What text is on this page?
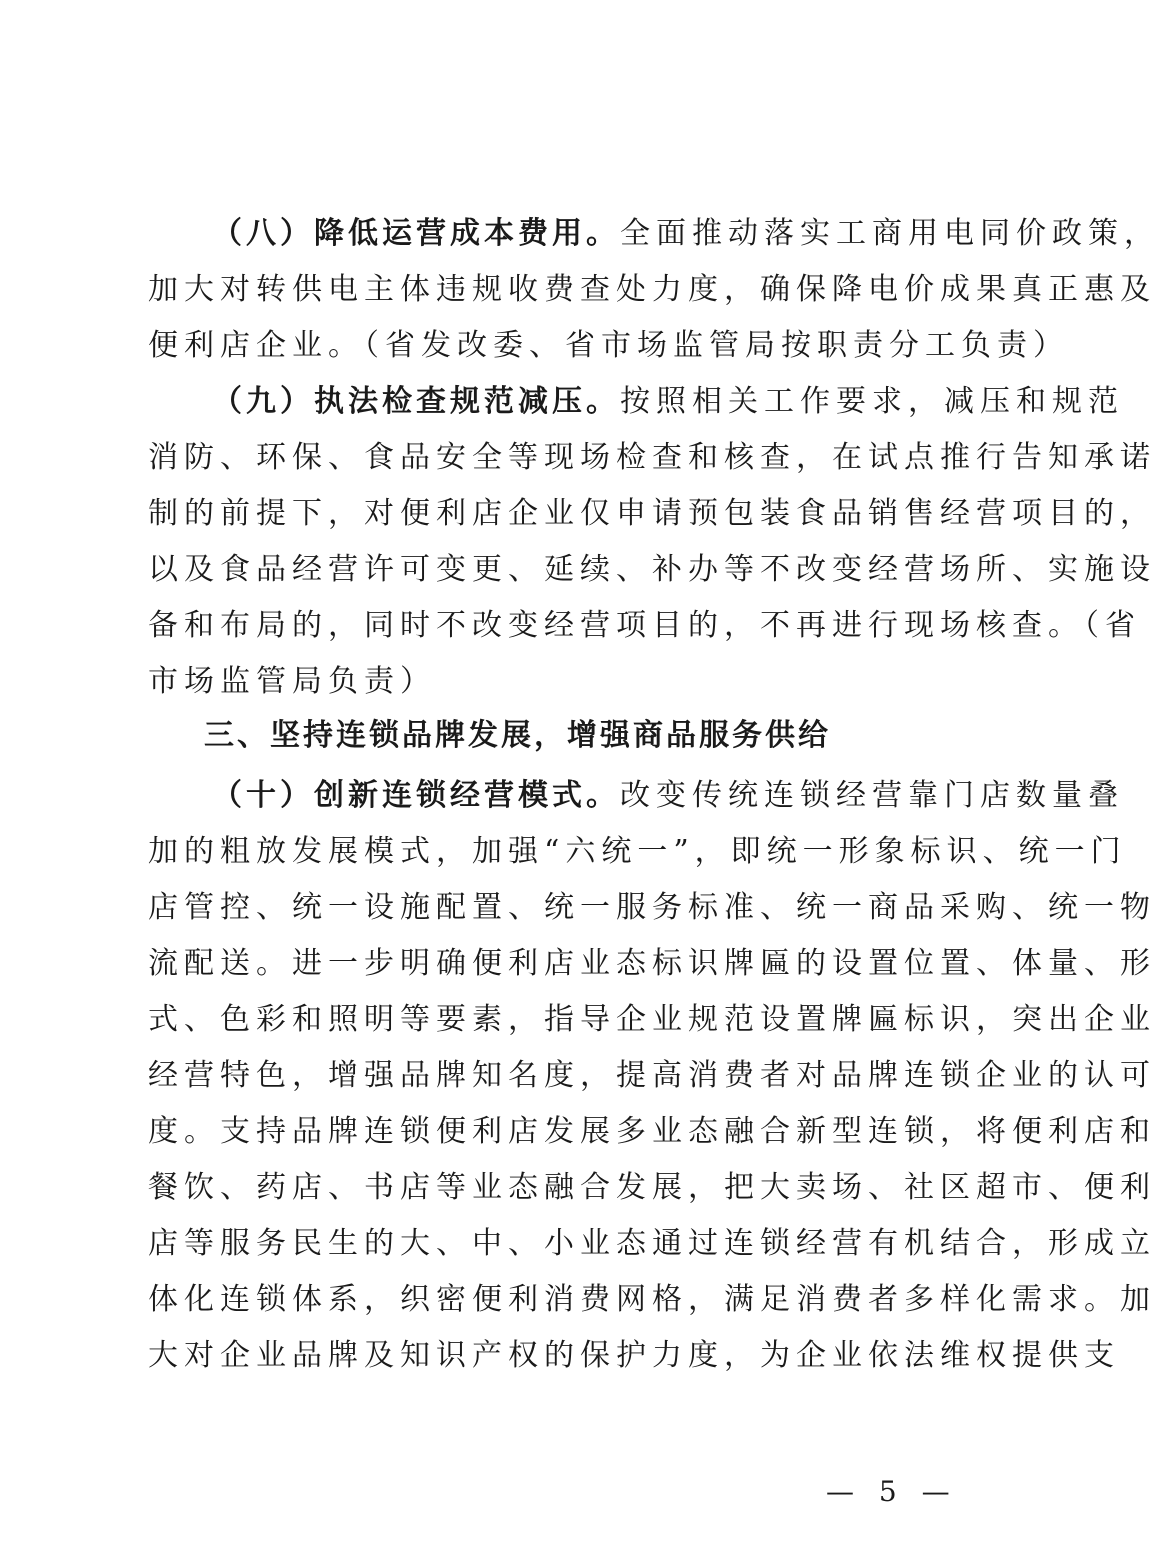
（八）降低运营成本费用。全面推动落实工商用电同价政策，
加大对转供电主体违规收费查处力度，确保降电价成果真正惠及
便利店企业。（省发改委、省市场监管局按职责分工负责）
（九）执法检查规范减压。按照相关工作要求，减压和规范
消防、环保、食品安全等现场检查和核查，在试点推行告知承诺
制的前提下，对便利店企业仅申请预包装食品销售经营项目的，
以及食品经营许可变更、延续、补办等不改变经营场所、实施设
备和布局的，同时不改变经营项目的，不再进行现场核查。（省
市场监管局负责）
三、坚持连锁品牌发展，增强商品服务供给
（十）创新连锁经营模式。改变传统连锁经营靠门店数量叠
加的粗放发展模式，加强“六统一”，即统一形象标识、统一门
店管控、统一设施配置、统一服务标准、统一商品采购、统一物
流配送。进一步明确便利店业态标识牌匾的设置位置、体量、形
式、色彩和照明等要素，指导企业规范设置牌匾标识，突出企业
经营特色，增强品牌知名度，提高消费者对品牌连锁企业的认可
度。支持品牌连锁便利店发展多业态融合新型连锁，将便利店和
餐饮、药店、书店等业态融合发展，把大卖场、社区超市、便利
店等服务民生的大、中、小业态通过连锁经营有机结合，形成立
体化连锁体系，织密便利消费网格，满足消费者多样化需求。加
大对企业品牌及知识产权的保护力度，为企业依法维权提供支
— 5 —
